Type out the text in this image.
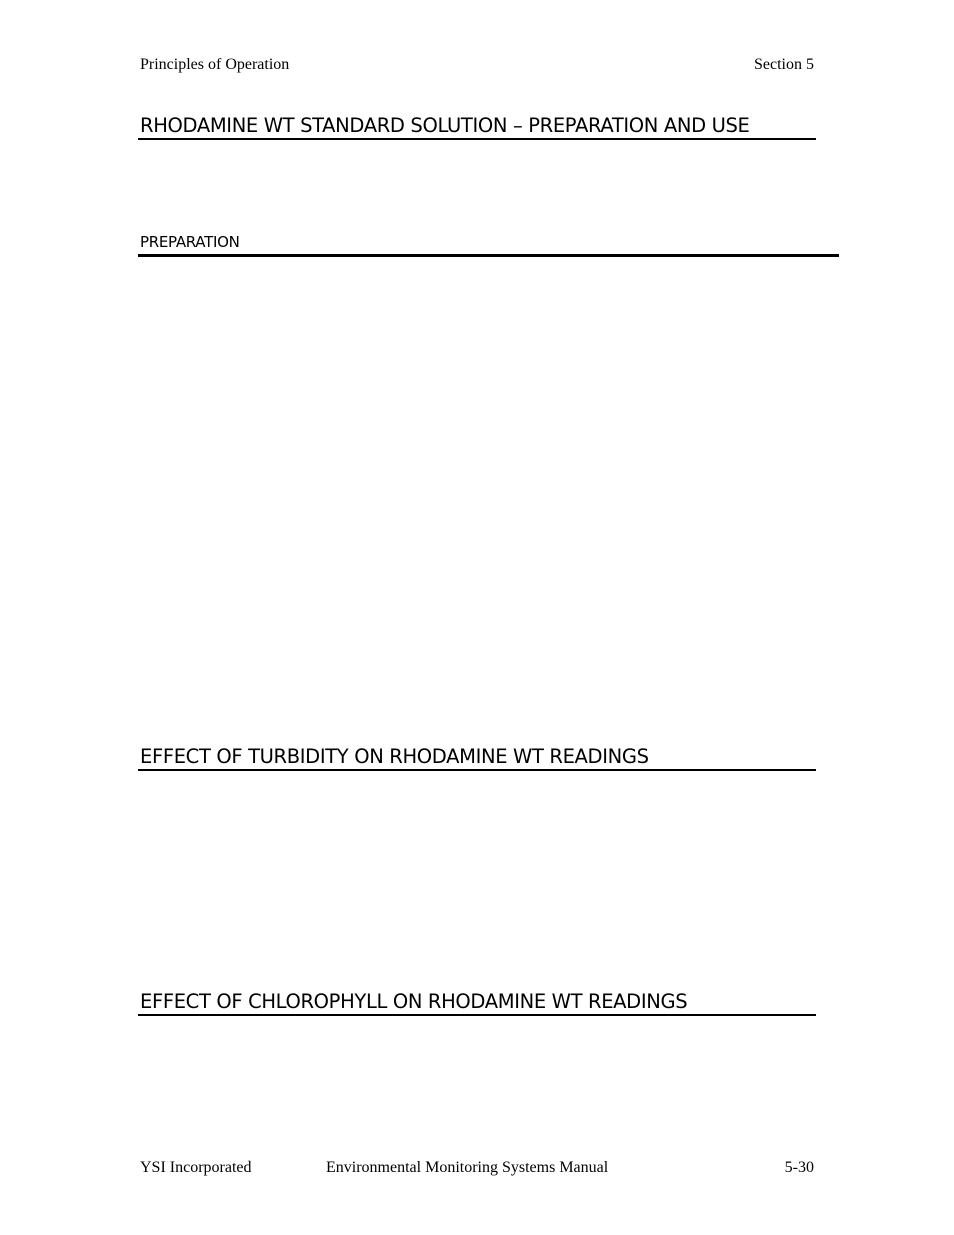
Principles of Operation	Section 5
RHODAMINE WT STANDARD SOLUTION – PREPARATION AND USE
PREPARATION
EFFECT OF TURBIDITY ON RHODAMINE WT READINGS
EFFECT OF CHLOROPHYLL ON RHODAMINE WT READINGS
YSI Incorporated	Environmental Monitoring Systems Manual	5-30
